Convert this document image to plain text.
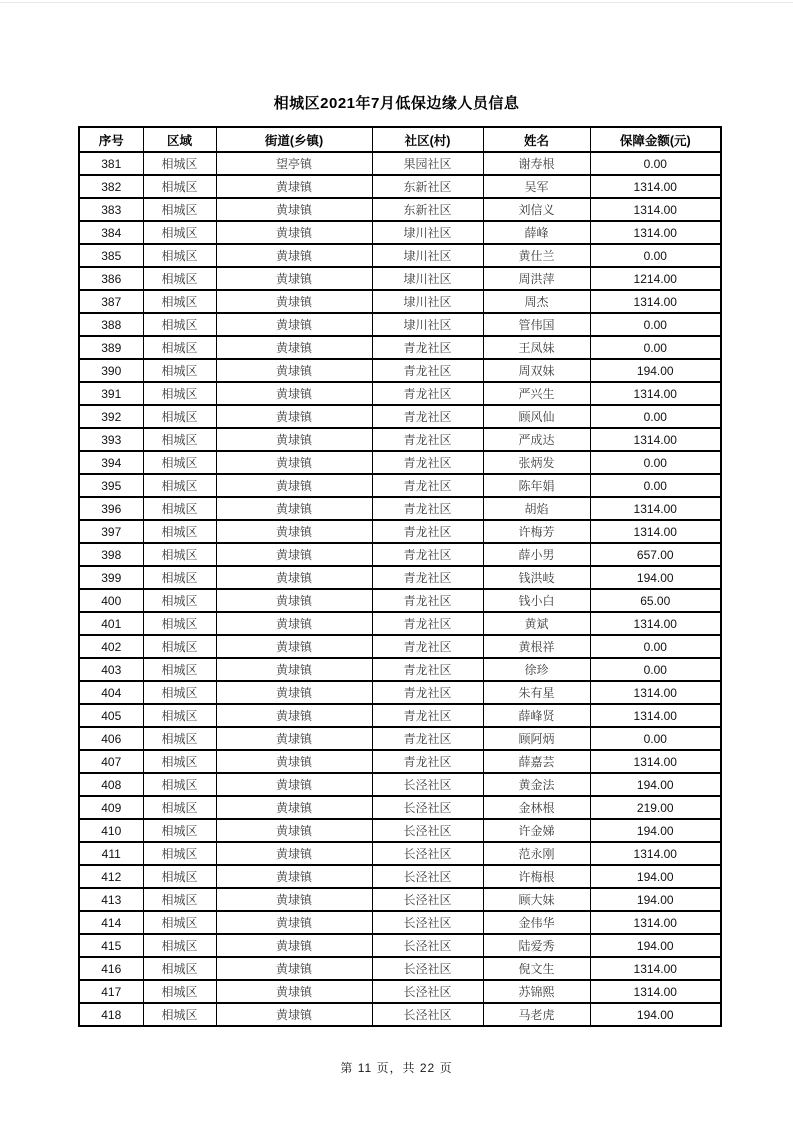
相城区2021年7月低保边缘人员信息
序号	区域	街道(乡镇)	社区(村)	姓名	保障金额(元)
381	相城区	望亭镇	果园社区	谢寿根	0.00
382	相城区	黄埭镇	东新社区	吴军	1314.00
383	相城区	黄埭镇	东新社区	刘信义	1314.00
384	相城区	黄埭镇	埭川社区	薛峰	1314.00
385	相城区	黄埭镇	埭川社区	黄仕兰	0.00
386	相城区	黄埭镇	埭川社区	周洪萍	1214.00
387	相城区	黄埭镇	埭川社区	周杰	1314.00
388	相城区	黄埭镇	埭川社区	管伟国	0.00
389	相城区	黄埭镇	青龙社区	王凤妹	0.00
390	相城区	黄埭镇	青龙社区	周双妹	194.00
391	相城区	黄埭镇	青龙社区	严兴生	1314.00
392	相城区	黄埭镇	青龙社区	顾风仙	0.00
393	相城区	黄埭镇	青龙社区	严成达	1314.00
394	相城区	黄埭镇	青龙社区	张炳发	0.00
395	相城区	黄埭镇	青龙社区	陈年娟	0.00
396	相城区	黄埭镇	青龙社区	胡焰	1314.00
397	相城区	黄埭镇	青龙社区	许梅芳	1314.00
398	相城区	黄埭镇	青龙社区	薛小男	657.00
399	相城区	黄埭镇	青龙社区	钱洪岐	194.00
400	相城区	黄埭镇	青龙社区	钱小白	65.00
401	相城区	黄埭镇	青龙社区	黄斌	1314.00
402	相城区	黄埭镇	青龙社区	黄根祥	0.00
403	相城区	黄埭镇	青龙社区	徐珍	0.00
404	相城区	黄埭镇	青龙社区	朱有星	1314.00
405	相城区	黄埭镇	青龙社区	薛峰贤	1314.00
406	相城区	黄埭镇	青龙社区	顾阿炳	0.00
407	相城区	黄埭镇	青龙社区	薛嘉芸	1314.00
408	相城区	黄埭镇	长泾社区	黄金法	194.00
409	相城区	黄埭镇	长泾社区	金林根	219.00
410	相城区	黄埭镇	长泾社区	许金娣	194.00
411	相城区	黄埭镇	长泾社区	范永刚	1314.00
412	相城区	黄埭镇	长泾社区	许梅根	194.00
413	相城区	黄埭镇	长泾社区	顾大妹	194.00
414	相城区	黄埭镇	长泾社区	金伟华	1314.00
415	相城区	黄埭镇	长泾社区	陆爱秀	194.00
416	相城区	黄埭镇	长泾社区	倪文生	1314.00
417	相城区	黄埭镇	长泾社区	苏锦熙	1314.00
418	相城区	黄埭镇	长泾社区	马老虎	194.00
第 11 页，共 22 页
